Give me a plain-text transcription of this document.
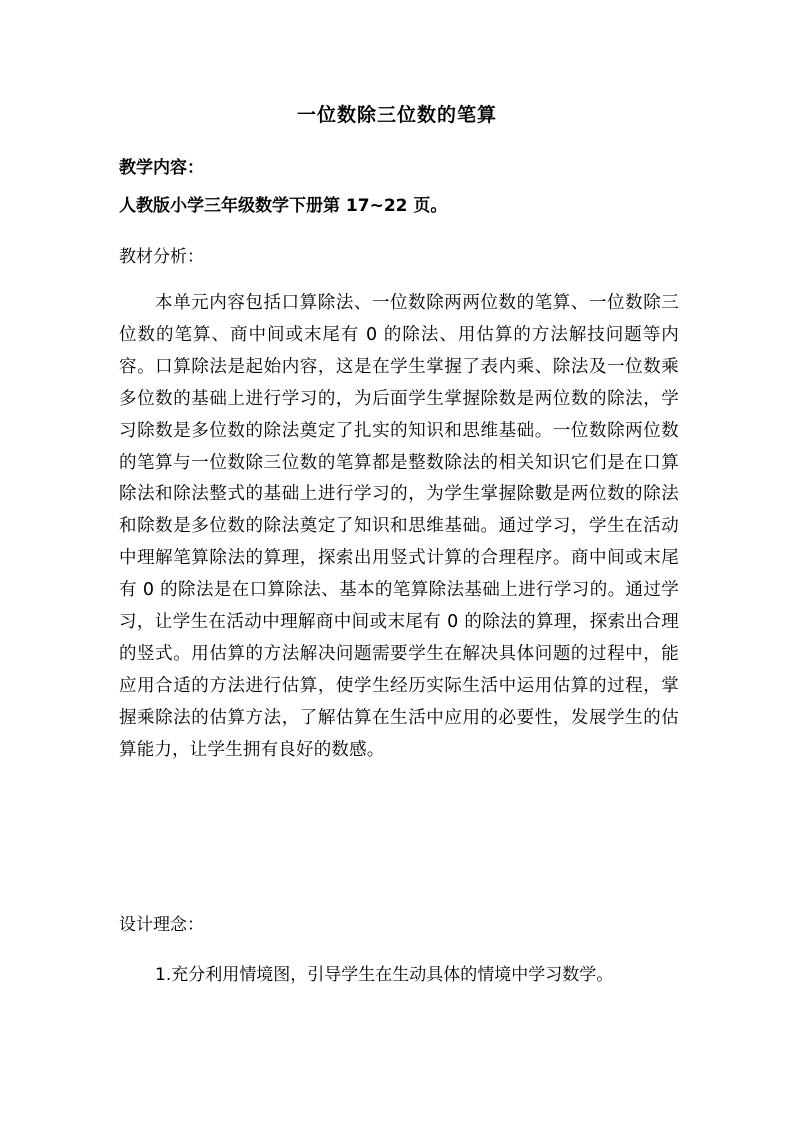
一位数除三位数的笔算
教学内容：
人教版小学三年级数学下册第 17~22 页。
教材分析：

本单元内容包括口算除法、一位数除两两位数的笔算、一位数除三位数的笔算、商中间或末尾有 0 的除法、用估算的方法解技问题等内容。口算除法是起始内容，这是在学生掌握了表内乘、除法及一位数乘多位数的基础上进行学习的，为后面学生掌握除数是两位数的除法，学习除数是多位数的除法奠定了扎实的知识和思维基础。一位数除两位数的笔算与一位数除三位数的笔算都是整数除法的相关知识它们是在口算除法和除法整式的基础上进行学习的，为学生掌握除數是两位数的除法和除数是多位数的除法奠定了知识和思维基础。通过学习，学生在活动中理解笔算除法的算理，探索出用竖式计算的合理程序。商中间或末尾有 0 的除法是在口算除法、基本的笔算除法基础上进行学习的。通过学习，让学生在活动中理解商中间或末尾有 0 的除法的算理，探索出合理的竖式。用估算的方法解决问题需要学生在解决具体问题的过程中，能应用合适的方法进行估算，使学生经历实际生活中运用估算的过程，掌握乘除法的估算方法，了解估算在生活中应用的必要性，发展学生的估算能力，让学生拥有良好的数感。

设计理念：
1.充分利用情境图，引导学生在生动具体的情境中学习数学。
